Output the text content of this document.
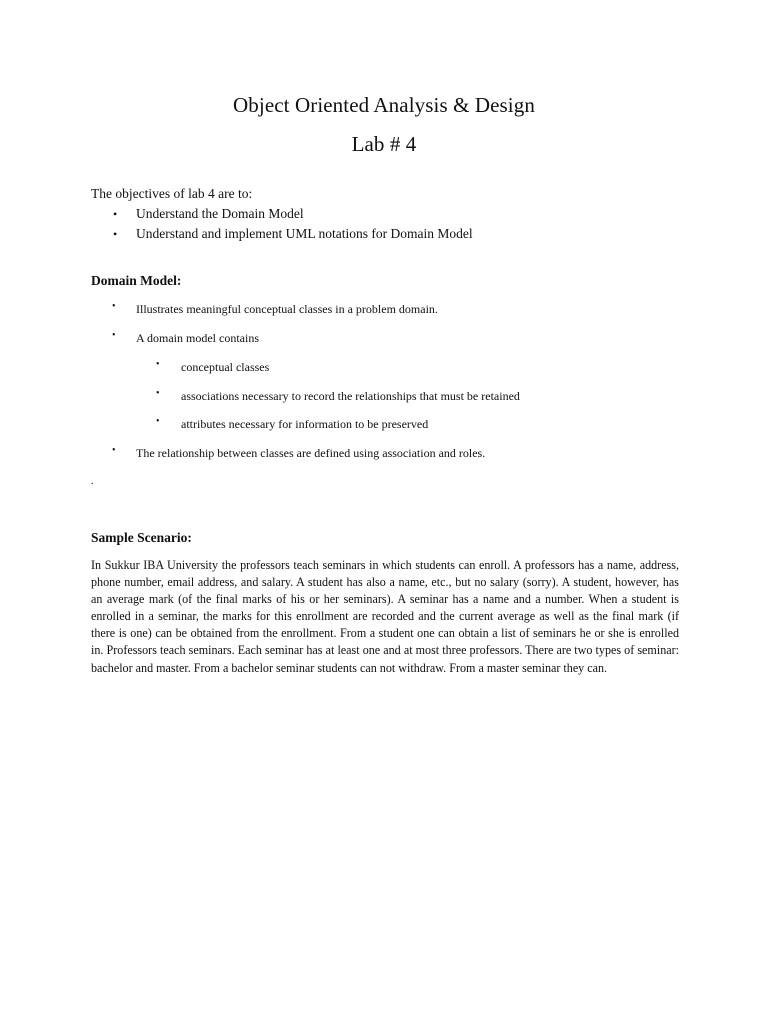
Object Oriented Analysis & Design
Lab # 4

The objectives of lab 4 are to:

• Understand the Domain Model
• Understand and implement UML notations for Domain Model
Domain Model:
• Illustrates meaningful conceptual classes in a problem domain.
• A domain model contains
• conceptual classes
• associations necessary to record the relationships that must be retained
• attributes necessary for information to be preserved
• The relationship between classes are defined using association and roles.
.
Sample Scenario:

In Sukkur IBA University the professors teach seminars in which students can enroll. A professors has a name, address, phone number, email address, and salary. A student has also a name, etc., but no salary (sorry). A student, however, has an average mark (of the final marks of his or her seminars). A seminar has a name and a number. When a student is enrolled in a seminar, the marks for this enrollment are recorded and the current average as well as the final mark (if there is one) can be obtained from the enrollment. From a student one can obtain a list of seminars he or she is enrolled in. Professors teach seminars. Each seminar has at least one and at most three professors. There are two types of seminar: bachelor and master. From a bachelor seminar students can not withdraw. From a master seminar they can.
